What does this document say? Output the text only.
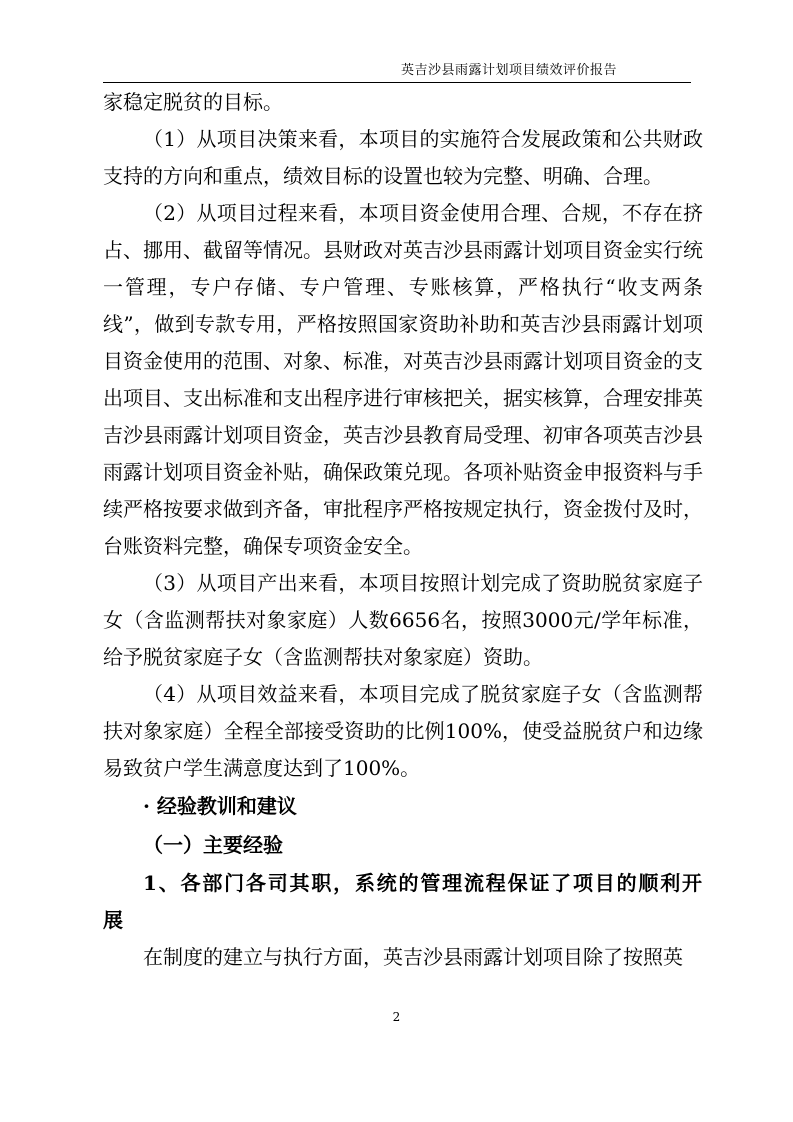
英吉沙县雨露计划项目绩效评价报告

家稳定脱贫的目标。

（1）从项目决策来看，本项目的实施符合发展政策和公共财政支持的方向和重点，绩效目标的设置也较为完整、明确、合理。

（2）从项目过程来看，本项目资金使用合理、合规，不存在挤占、挪用、截留等情况。县财政对英吉沙县雨露计划项目资金实行统一管理，专户存储、专户管理、专账核算，严格执行“收支两条线”，做到专款专用，严格按照国家资助补助和英吉沙县雨露计划项目资金使用的范围、对象、标准，对英吉沙县雨露计划项目资金的支出项目、支出标准和支出程序进行审核把关，据实核算，合理安排英吉沙县雨露计划项目资金，英吉沙县教育局受理、初审各项英吉沙县雨露计划项目资金补贴，确保政策兑现。各项补贴资金申报资料与手续严格按要求做到齐备，审批程序严格按规定执行，资金拨付及时，台账资料完整，确保专项资金安全。

（3）从项目产出来看，本项目按照计划完成了资助脱贫家庭子女（含监测帮扶对象家庭）人数6656名，按照3000元/学年标准，给予脱贫家庭子女（含监测帮扶对象家庭）资助。

（4）从项目效益来看，本项目完成了脱贫家庭子女（含监测帮扶对象家庭）全程全部接受资助的比例100%，使受益脱贫户和边缘易致贫户学生满意度达到了100%。

· 经验教训和建议
（一）主要经验
1、各部门各司其职，系统的管理流程保证了项目的顺利开展

在制度的建立与执行方面，英吉沙县雨露计划项目除了按照英

2
